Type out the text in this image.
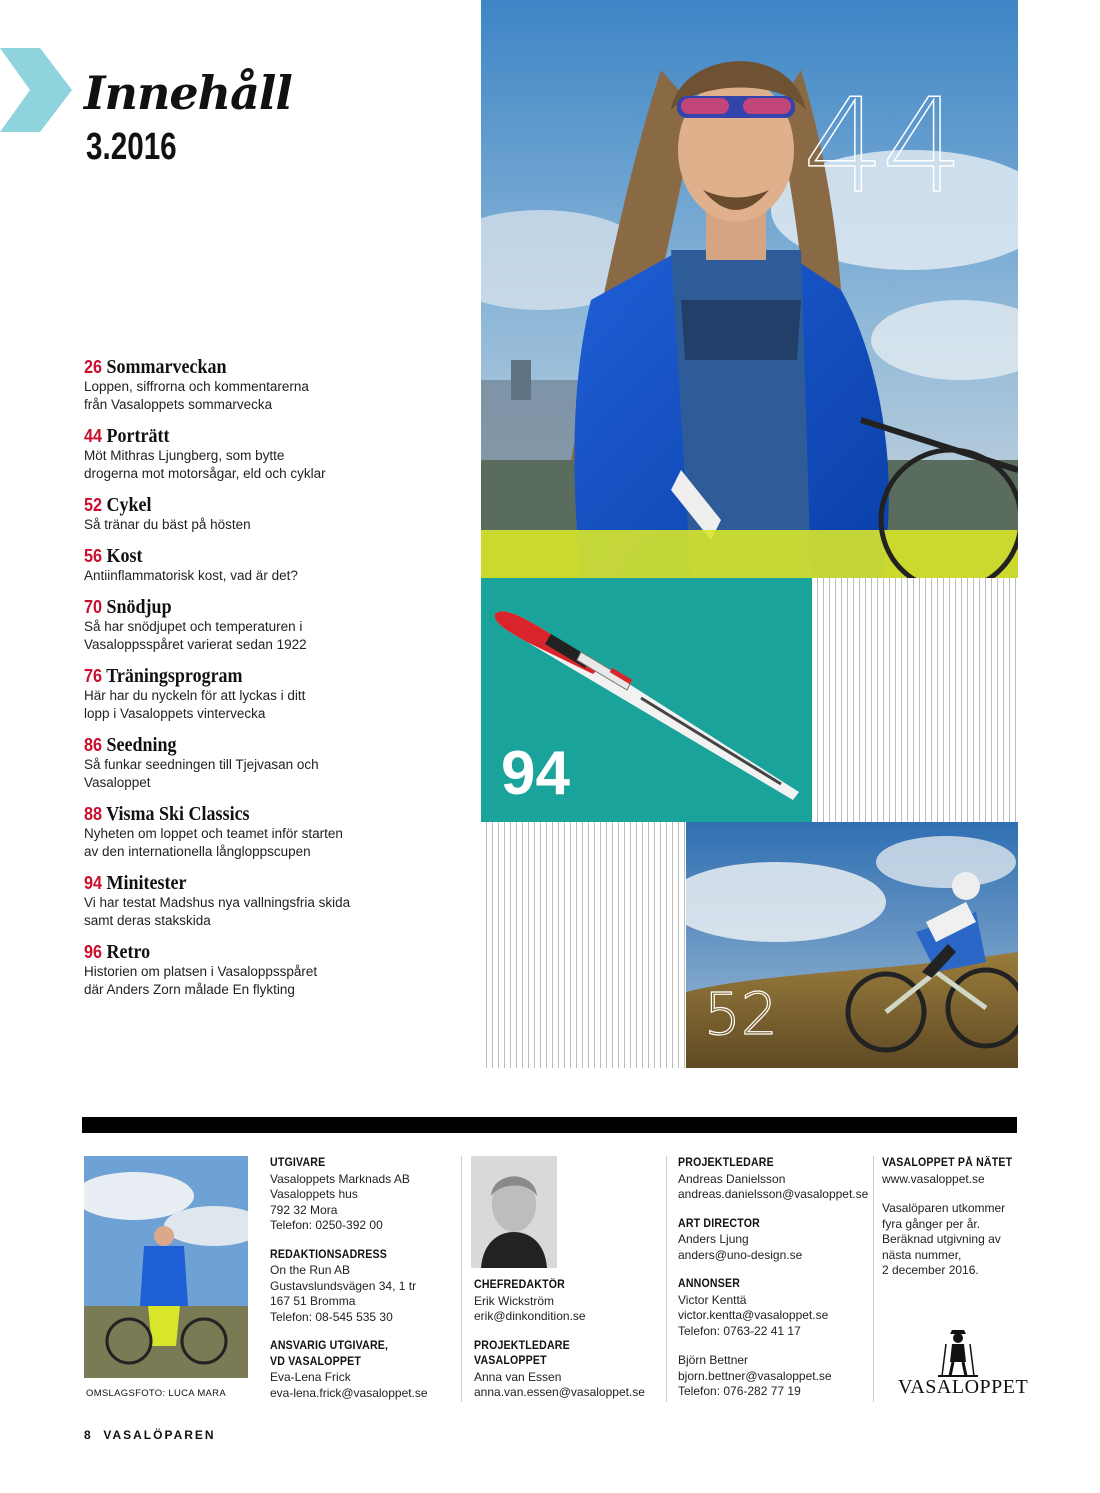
Innehåll
3.2016
26 Sommarveckan
Loppen, siffrorna och kommentarerna
från Vasaloppets sommarvecka
44 Porträtt
Möt Mithras Ljungberg, som bytte
drogerna mot motorsågar, eld och cyklar
52 Cykel
Så tränar du bäst på hösten
56 Kost
Antiinflammatorisk kost, vad är det?
70 Snödjup
Så har snödjupet och temperaturen i
Vasaloppsspåret varierat sedan 1922
76 Träningsprogram
Här har du nyckeln för att lyckas i ditt
lopp i Vasaloppets vintervecka
86 Seedning
Så funkar seedningen till Tjejvasan och
Vasaloppet
88 Visma Ski Classics
Nyheten om loppet och teamet inför starten
av den internationella långloppscupen
94 Minitester
Vi har testat Madshus nya vallningsfria skida
samt deras stakskida
96 Retro
Historien om platsen i Vasaloppsspåret
där Anders Zorn målade En flykting
44
94
52
OMSLAGSFOTO: LUCA MARA
UTGIVARE

Vasaloppets Marknads AB
Vasaloppets hus
792 32 Mora
Telefon: 0250-392 00

REDAKTIONSADRESS

On the Run AB
Gustavslundsvägen 34, 1 tr
167 51 Bromma
Telefon: 08-545 535 30

ANSVARIG UTGIVARE,
VD VASALOPPET

Eva-Lena Frick
eva-lena.frick@vasaloppet.se

CHEFREDAKTÖR

Erik Wickström
erik@dinkondition.se

PROJEKTLEDARE
VASALOPPET

Anna van Essen
anna.van.essen@vasaloppet.se

PROJEKTLEDARE

Andreas Danielsson
andreas.danielsson@vasaloppet.se

ART DIRECTOR

Anders Ljung
anders@uno-design.se

ANNONSER

Victor Kenttä
victor.kentta@vasaloppet.se
Telefon: 0763-22 41 17

Björn Bettner
bjorn.bettner@vasaloppet.se
Telefon: 076-282 77 19

VASALOPPET PÅ NÄTET

www.vasaloppet.se

Vasalöparen utkommer
fyra gånger per år.
Beräknad utgivning av
nästa nummer,
2 december 2016.

VASALOPPET
8 VASALÖPAREN
